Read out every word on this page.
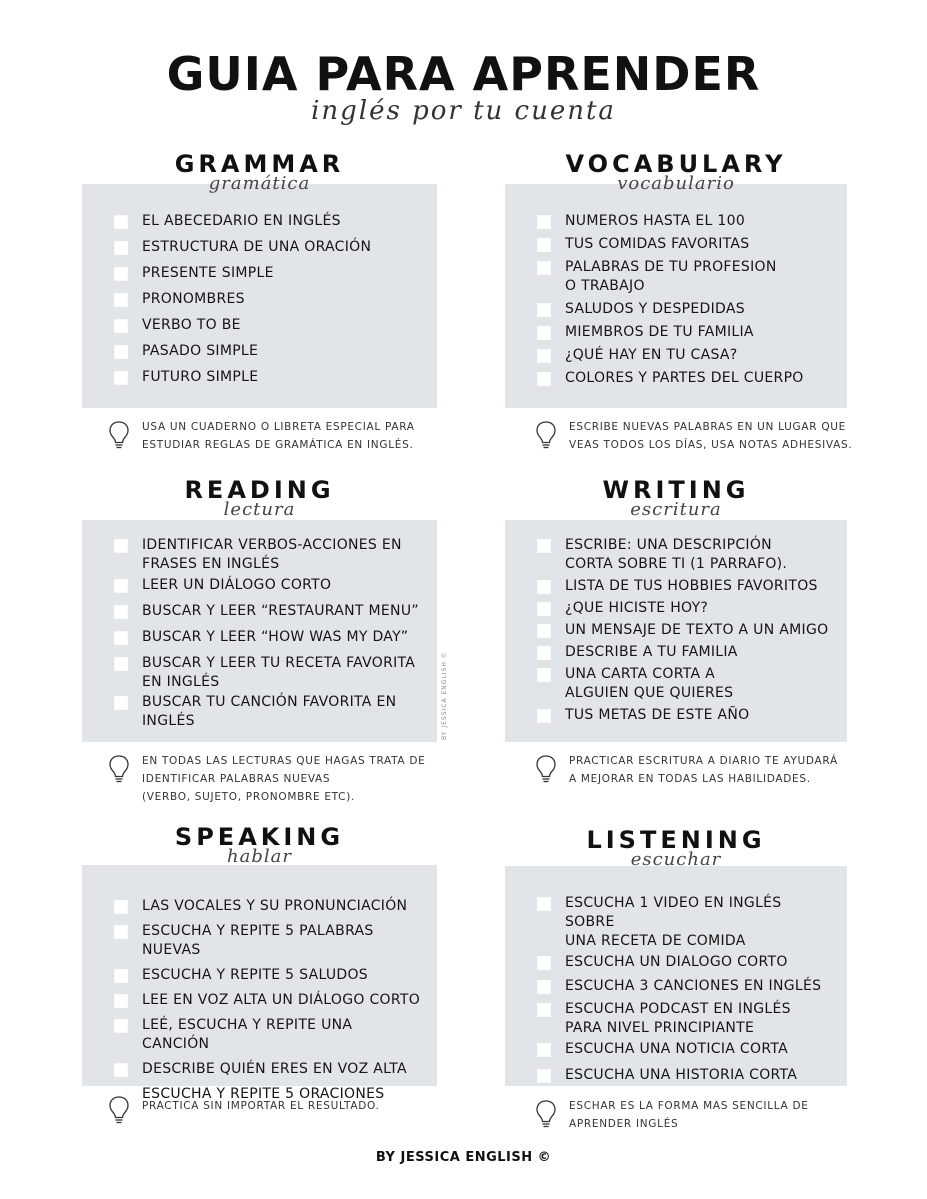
GUIA PARA APRENDER
inglés por tu cuenta
GRAMMAR
gramática
EL ABECEDARIO EN INGLÉS
ESTRUCTURA DE UNA ORACIÓN
PRESENTE SIMPLE
PRONOMBRES
VERBO TO BE
PASADO SIMPLE
FUTURO SIMPLE
USA UN CUADERNO O LIBRETA ESPECIAL PARA
ESTUDIAR REGLAS DE GRAMÁTICA EN INGLÉS.
VOCABULARY
vocabulario
NUMEROS HASTA EL 100
TUS COMIDAS FAVORITAS
PALABRAS DE TU PROFESION
O TRABAJO
SALUDOS Y DESPEDIDAS
MIEMBROS DE TU FAMILIA
¿QUÉ HAY EN TU CASA?
COLORES Y PARTES DEL CUERPO
ESCRIBE NUEVAS PALABRAS EN UN LUGAR QUE
VEAS TODOS LOS DÍAS, USA NOTAS ADHESIVAS.
READING
lectura
IDENTIFICAR VERBOS-ACCIONES EN
FRASES EN INGLÉS
LEER UN DIÁLOGO CORTO
BUSCAR Y LEER “RESTAURANT MENU”
BUSCAR Y LEER “HOW WAS MY DAY”
BUSCAR Y LEER TU RECETA FAVORITA
EN INGLÉS
BUSCAR TU CANCIÓN FAVORITA EN
INGLÉS
EN TODAS LAS LECTURAS QUE HAGAS TRATA DE
IDENTIFICAR PALABRAS NUEVAS
(VERBO, SUJETO, PRONOMBRE ETC).
WRITING
escritura
ESCRIBE: UNA DESCRIPCIÓN
CORTA SOBRE TI (1 PARRAFO).
LISTA DE TUS HOBBIES FAVORITOS
¿QUE HICISTE HOY?
UN MENSAJE DE TEXTO A UN AMIGO
DESCRIBE A TU FAMILIA
UNA CARTA CORTA A
ALGUIEN QUE QUIERES
TUS METAS DE ESTE AÑO
PRACTICAR ESCRITURA A DIARIO TE AYUDARÁ
A MEJORAR EN TODAS LAS HABILIDADES.
SPEAKING
hablar
LAS VOCALES Y SU PRONUNCIACIÓN
ESCUCHA Y REPITE 5 PALABRAS NUEVAS
ESCUCHA Y REPITE 5 SALUDOS
LEE EN VOZ ALTA UN DIÁLOGO CORTO
LEÉ, ESCUCHA Y REPITE UNA CANCIÓN
DESCRIBE QUIÉN ERES EN VOZ ALTA
ESCUCHA Y REPITE 5 ORACIONES
PRACTICA SIN IMPORTAR EL RESULTADO.
LISTENING
escuchar
ESCUCHA 1 VIDEO EN INGLÉS SOBRE
UNA RECETA DE COMIDA
ESCUCHA UN DIALOGO CORTO
ESCUCHA 3 CANCIONES EN INGLÉS
ESCUCHA PODCAST EN INGLÉS
PARA NIVEL PRINCIPIANTE
ESCUCHA UNA NOTICIA CORTA
ESCUCHA UNA HISTORIA CORTA
ESCHAR ES LA FORMA MAS SENCILLA DE
APRENDER INGLÉS
BY JESSICA ENGLISH ©
BY JESSICA ENGLISH ©
